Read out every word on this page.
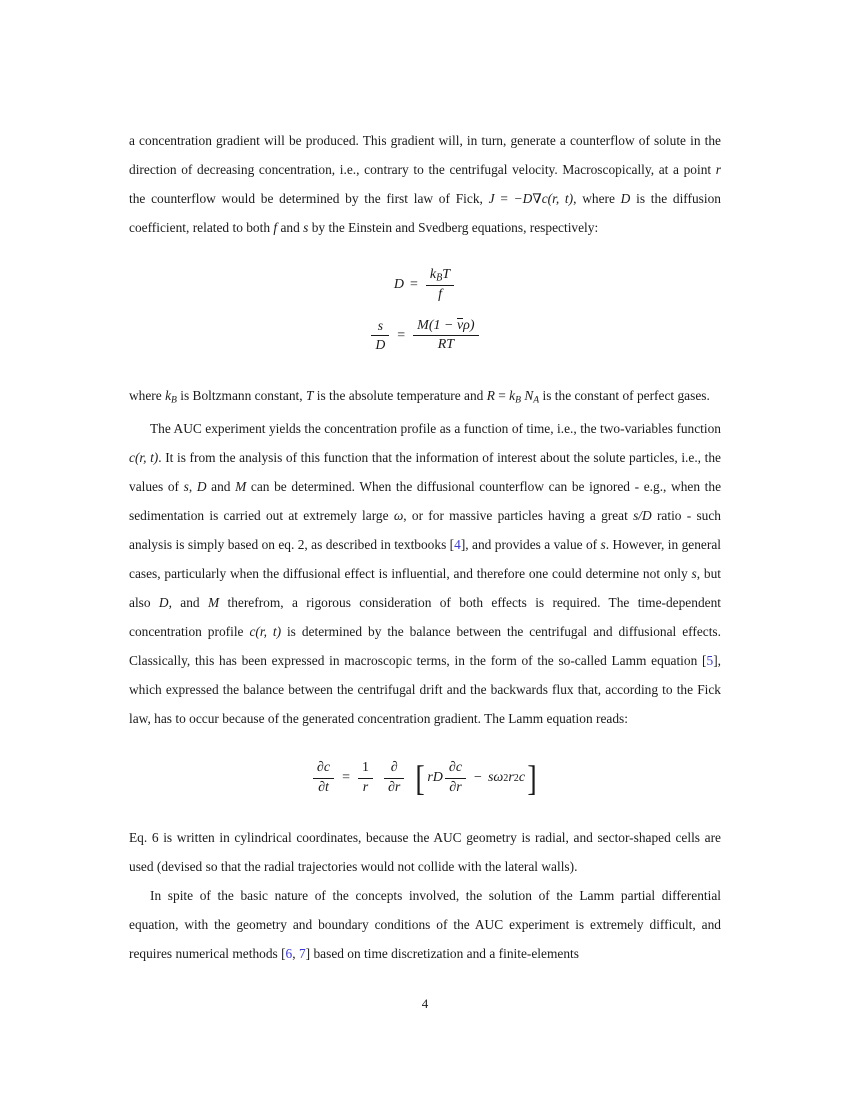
a concentration gradient will be produced. This gradient will, in turn, generate a counterflow of solute in the direction of decreasing concentration, i.e., contrary to the centrifugal velocity. Macroscopically, at a point r the counterflow would be determined by the first law of Fick, J = −D∇c(r, t), where D is the diffusion coefficient, related to both f and s by the Einstein and Svedberg equations, respectively:

$D = \frac{k_BT}{f}$
$\frac{s}{D} = \frac{M(1 - \nu\rho)}{RT}$

where $k_B$ is Boltzmann constant, T is the absolute temperature and $R = k_B$ $N_A$ is the constant of perfect gases.

The AUC experiment yields the concentration profile as a function of time, i.e., the two-variables function c(r, t). It is from the analysis of this function that the information of interest about the solute particles, i.e., the values of s, D and M can be determined. When the diffusional counterflow can be ignored - e.g., when the sedimentation is carried out at extremely large ω, or for massive particles having a great s/D ratio - such analysis is simply based on eq. 2, as described in textbooks [4], and provides a value of s. However, in general cases, particularly when the diffusional effect is influential, and therefore one could determine not only s, but also D, and M therefrom, a rigorous consideration of both effects is required. The time-dependent concentration profile c(r, t) is determined by the balance between the centrifugal and diffusional effects. Classically, this has been expressed in macroscopic terms, in the form of the so-called Lamm equation [5], which expressed the balance between the centrifugal drift and the backwards flux that, according to the Fick law, has to occur because of the generated concentration gradient. The Lamm equation reads:

$\frac{\partial c}{\partial t} = \frac{1}{r} \frac{\partial}{\partial r}$ [ rD $\frac{\partial c}{\partial r} - s\omega$ 2 r 2 c ]

Eq. 6 is written in cylindrical coordinates, because the AUC geometry is radial, and sector-shaped cells are used (devised so that the radial trajectories would not collide with the lateral walls).

In spite of the basic nature of the concepts involved, the solution of the Lamm partial differential equation, with the geometry and boundary conditions of the AUC experiment is extremely difficult, and requires numerical methods [6, 7] based on time discretization and a finite-elements

4
